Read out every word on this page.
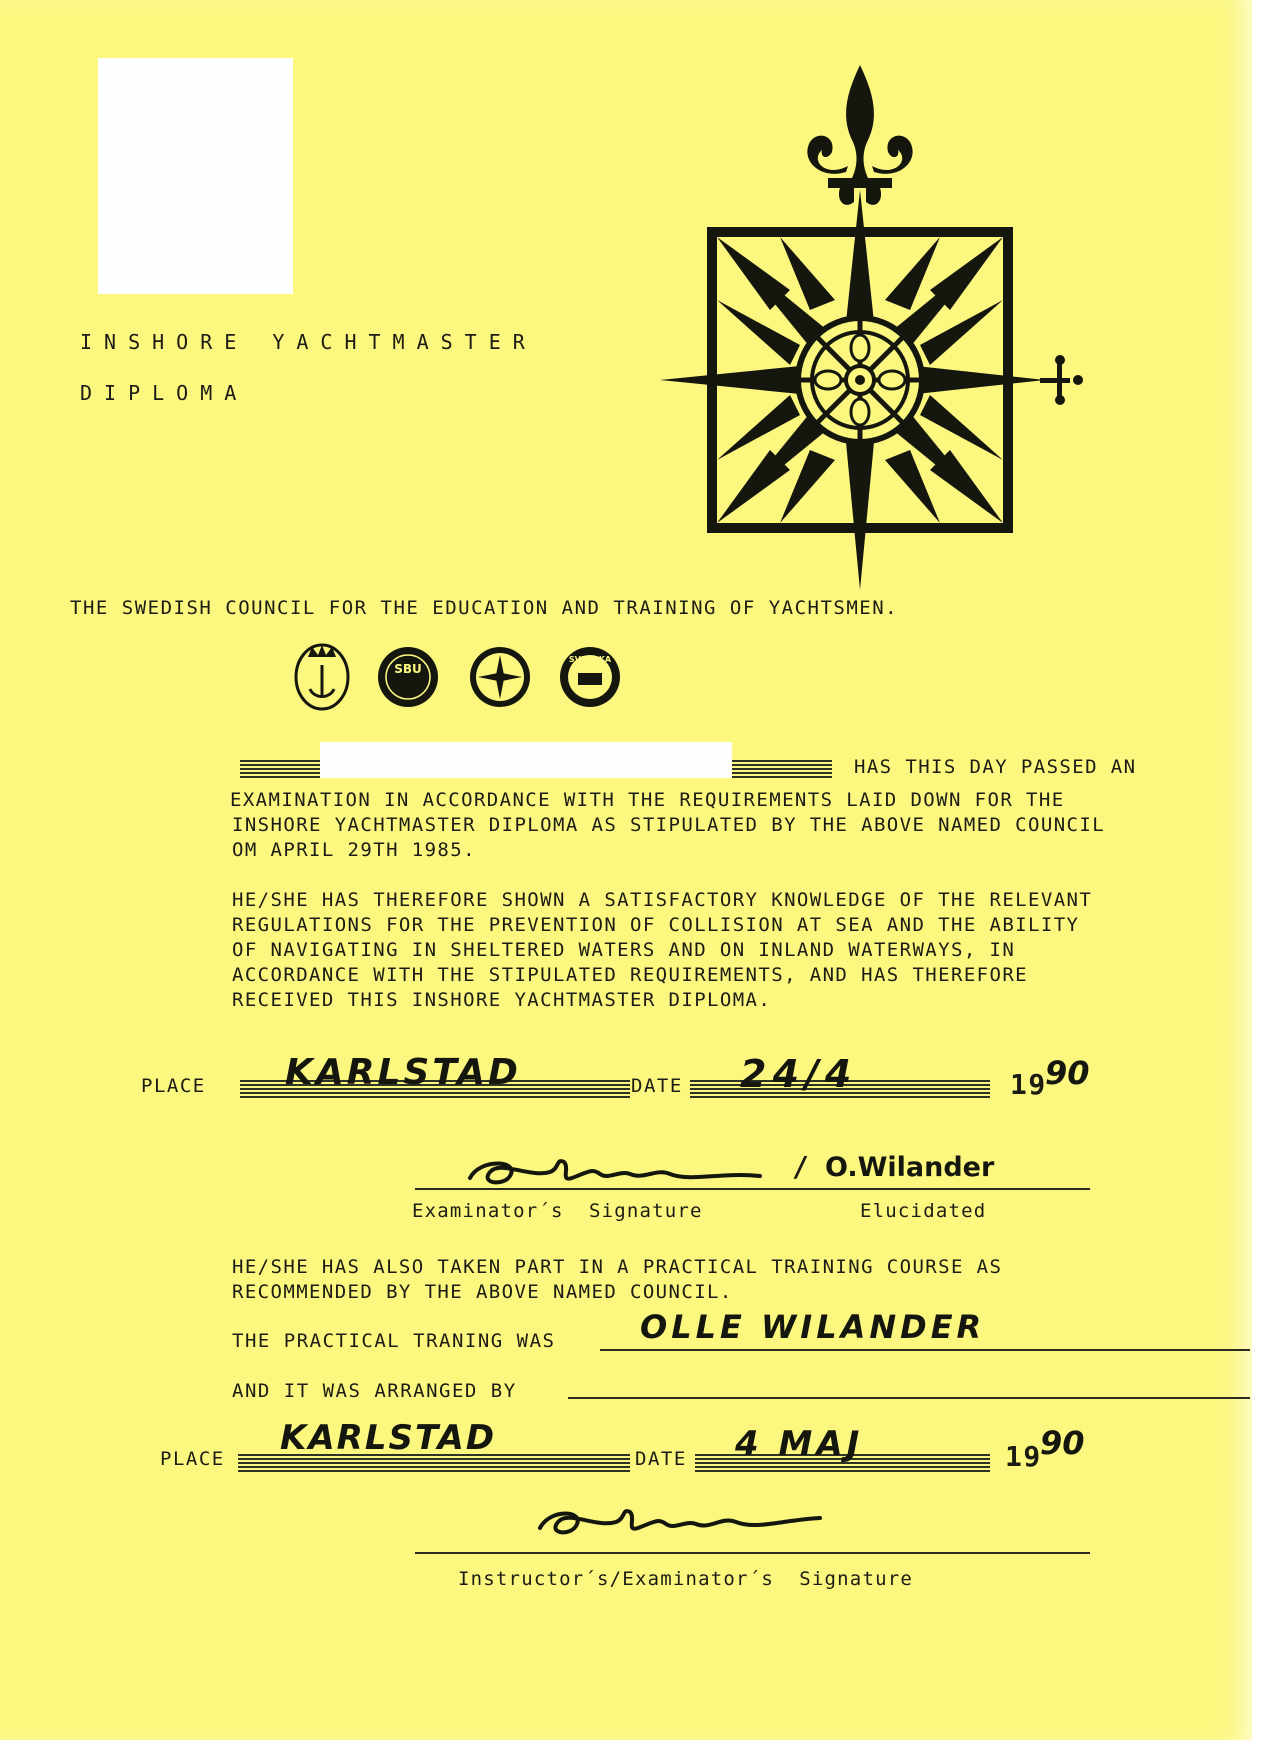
INSHORE YACHTMASTER
DIPLOMA
THE SWEDISH COUNCIL FOR THE EDUCATION AND TRAINING OF YACHTSMEN.
SBU
SVENSKA
HAS THIS DAY PASSED AN
EXAMINATION IN ACCORDANCE WITH THE REQUIREMENTS LAID DOWN FOR THE
INSHORE YACHTMASTER DIPLOMA AS STIPULATED BY THE ABOVE NAMED COUNCIL
OM APRIL 29TH 1985.
HE/SHE HAS THEREFORE SHOWN A SATISFACTORY KNOWLEDGE OF THE RELEVANT
REGULATIONS FOR THE PREVENTION OF COLLISION AT SEA AND THE ABILITY
OF NAVIGATING IN SHELTERED WATERS AND ON INLAND WATERWAYS, IN
ACCORDANCE WITH THE STIPULATED REQUIREMENTS, AND HAS THEREFORE
RECEIVED THIS INSHORE YACHTMASTER DIPLOMA.
PLACE KARLSTAD	DATE 24/4	19
90
/ O.Wilander
Examinator´s  Signature	Elucidated
HE/SHE HAS ALSO TAKEN PART IN A PRACTICAL TRAINING COURSE AS
RECOMMENDED BY THE ABOVE NAMED COUNCIL.
THE PRACTICAL TRANING WAS	OLLE WILANDER
AND IT WAS ARRANGED BY
PLACE
KARLSTAD
DATE 4 MAJ	19
90
Instructor´s/Examinator´s  Signature
